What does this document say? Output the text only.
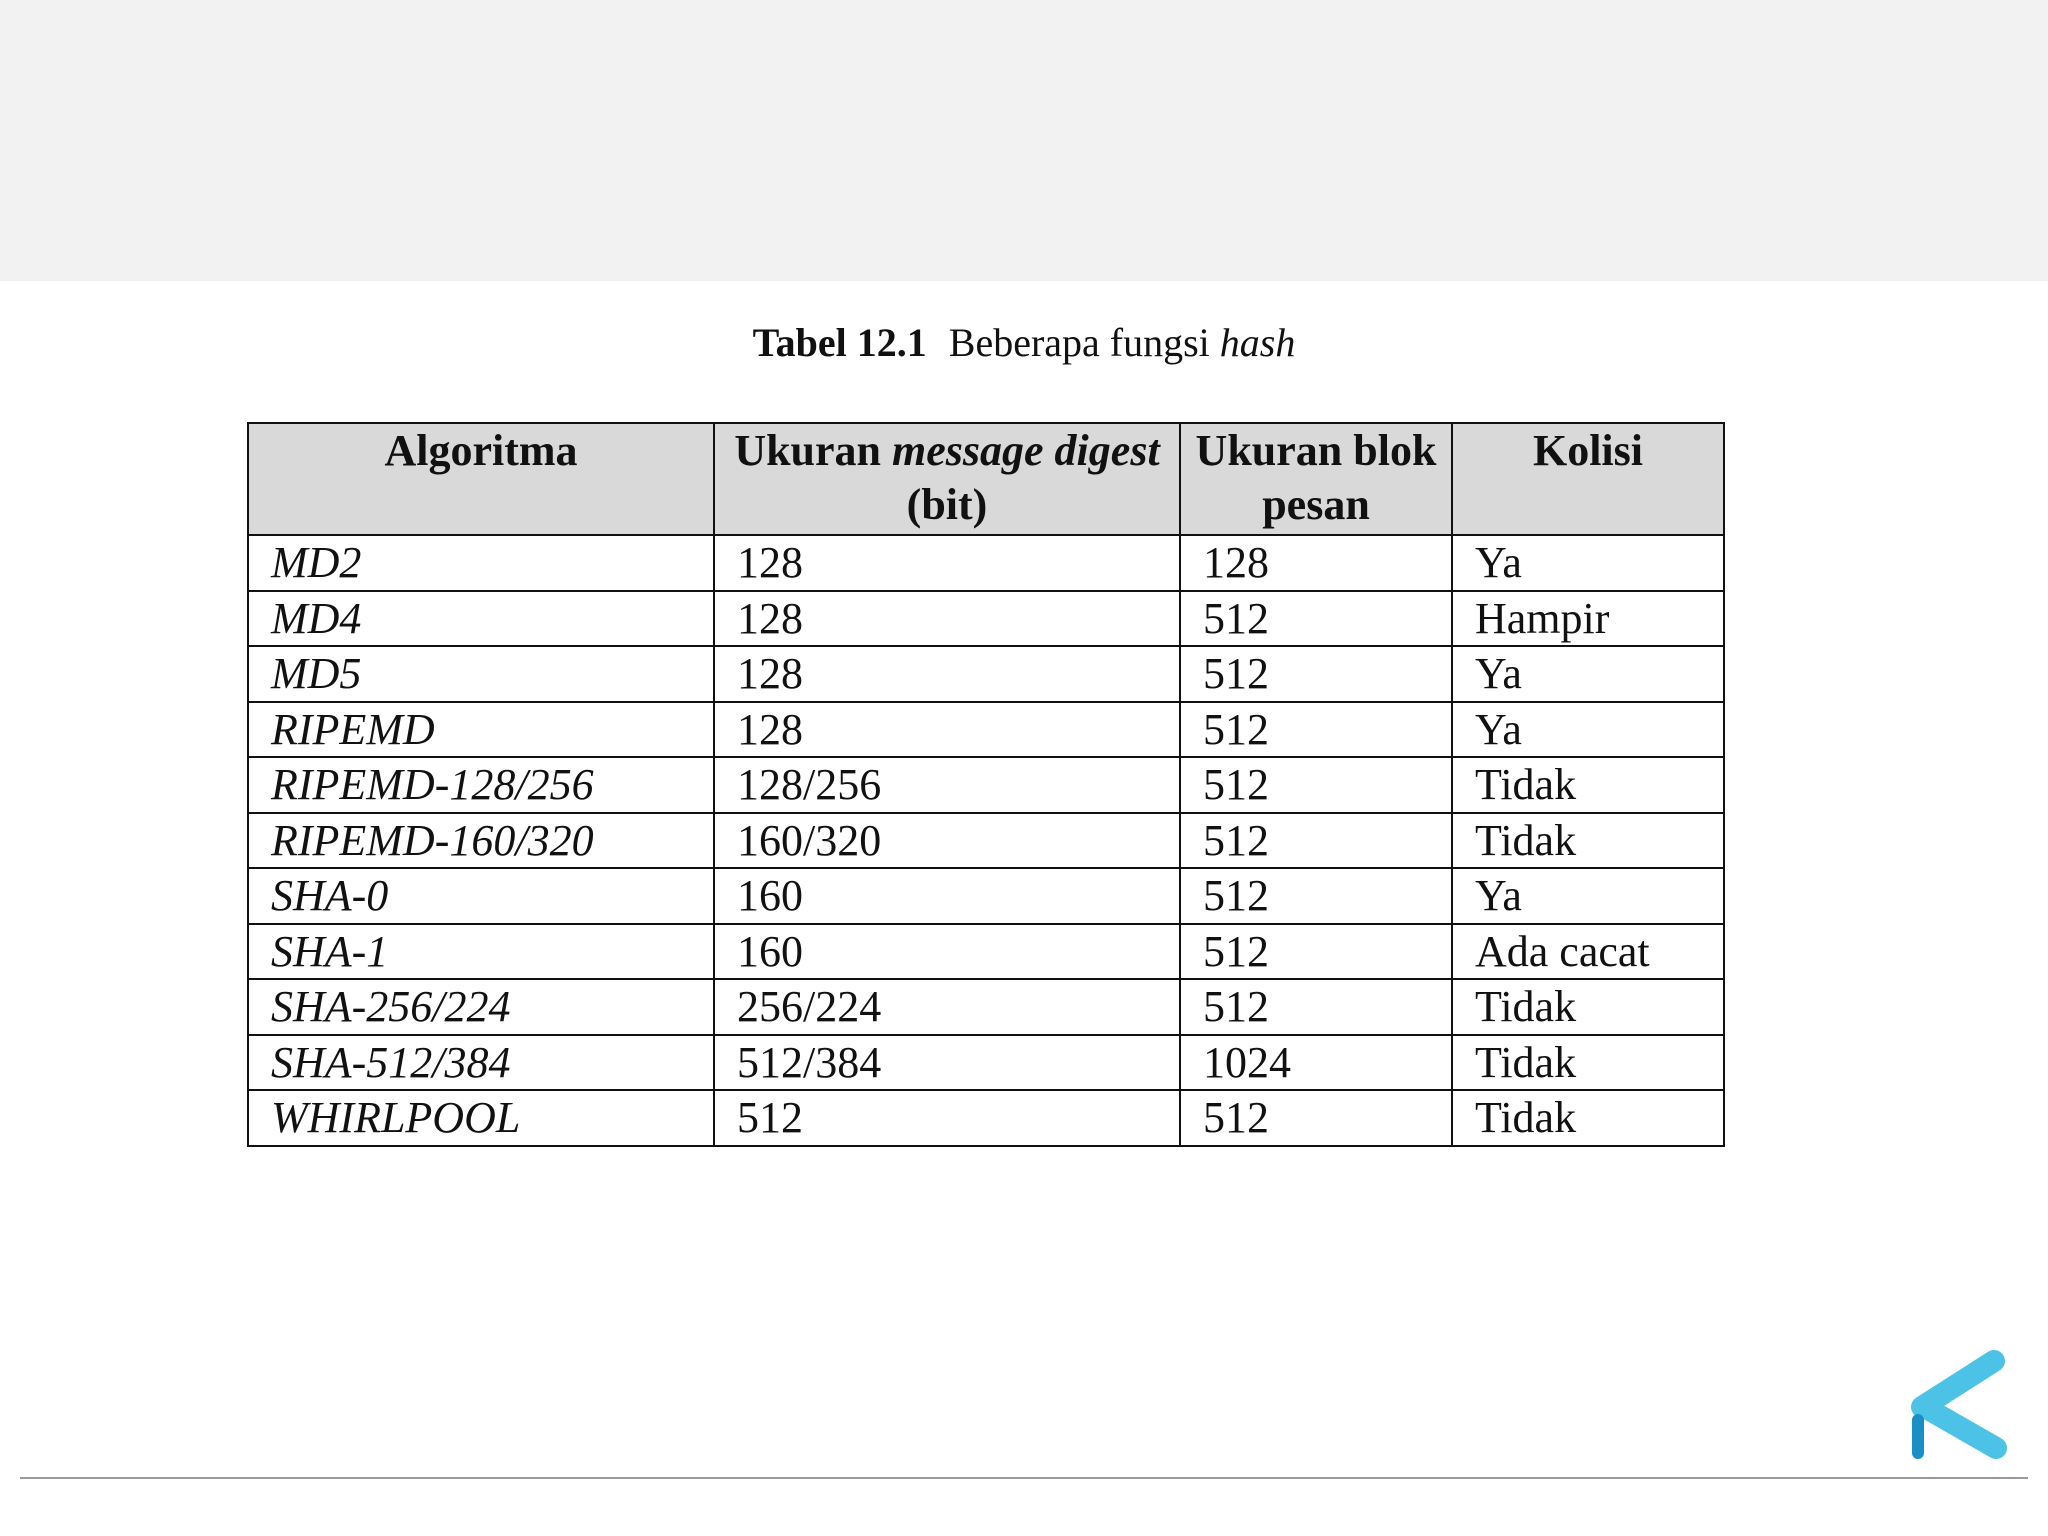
Tabel 12.1 Beberapa fungsi hash
Algoritma	Ukuran message digest (bit)	Ukuran blok pesan	Kolisi
MD2	128	128	Ya
MD4	128	512	Hampir
MD5	128	512	Ya
RIPEMD	128	512	Ya
RIPEMD-128/256	128/256	512	Tidak
RIPEMD-160/320	160/320	512	Tidak
SHA-0	160	512	Ya
SHA-1	160	512	Ada cacat
SHA-256/224	256/224	512	Tidak
SHA-512/384	512/384	1024	Tidak
WHIRLPOOL	512	512	Tidak
